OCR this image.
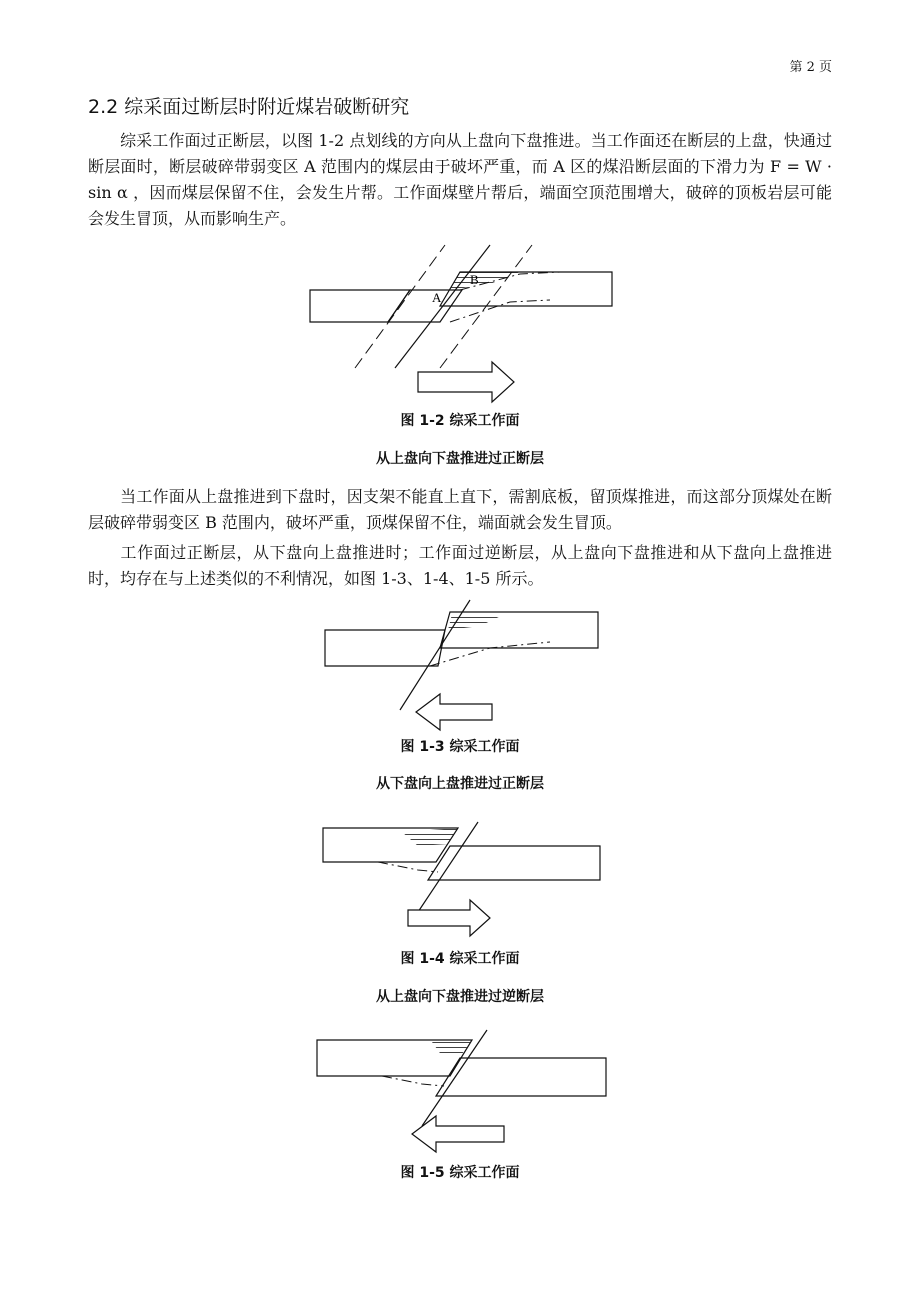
第 2 页
2.2 综采面过断层时附近煤岩破断研究

综采工作面过正断层，以图 1-2 点划线的方向从上盘向下盘推进。当工作面还在断层的上盘，快通过断层面时，断层破碎带弱变区 A 范围内的煤层由于破坏严重，而 A 区的煤沿断层面的下滑力为 F = W · sin α ，因而煤层保留不住，会发生片帮。工作面煤壁片帮后，端面空顶范围增大，破碎的顶板岩层可能会发生冒顶，从而影响生产。

A
B
图 1-2 综采工作面
从上盘向下盘推进过正断层

当工作面从上盘推进到下盘时，因支架不能直上直下，需割底板，留顶煤推进，而这部分顶煤处在断层破碎带弱变区 B 范围内，破坏严重，顶煤保留不住，端面就会发生冒顶。

工作面过正断层，从下盘向上盘推进时；工作面过逆断层，从上盘向下盘推进和从下盘向上盘推进时，均存在与上述类似的不利情况，如图 1-3、1-4、1-5 所示。

图 1-3 综采工作面
从下盘向上盘推进过正断层
图 1-4 综采工作面
从上盘向下盘推进过逆断层
图 1-5 综采工作面
